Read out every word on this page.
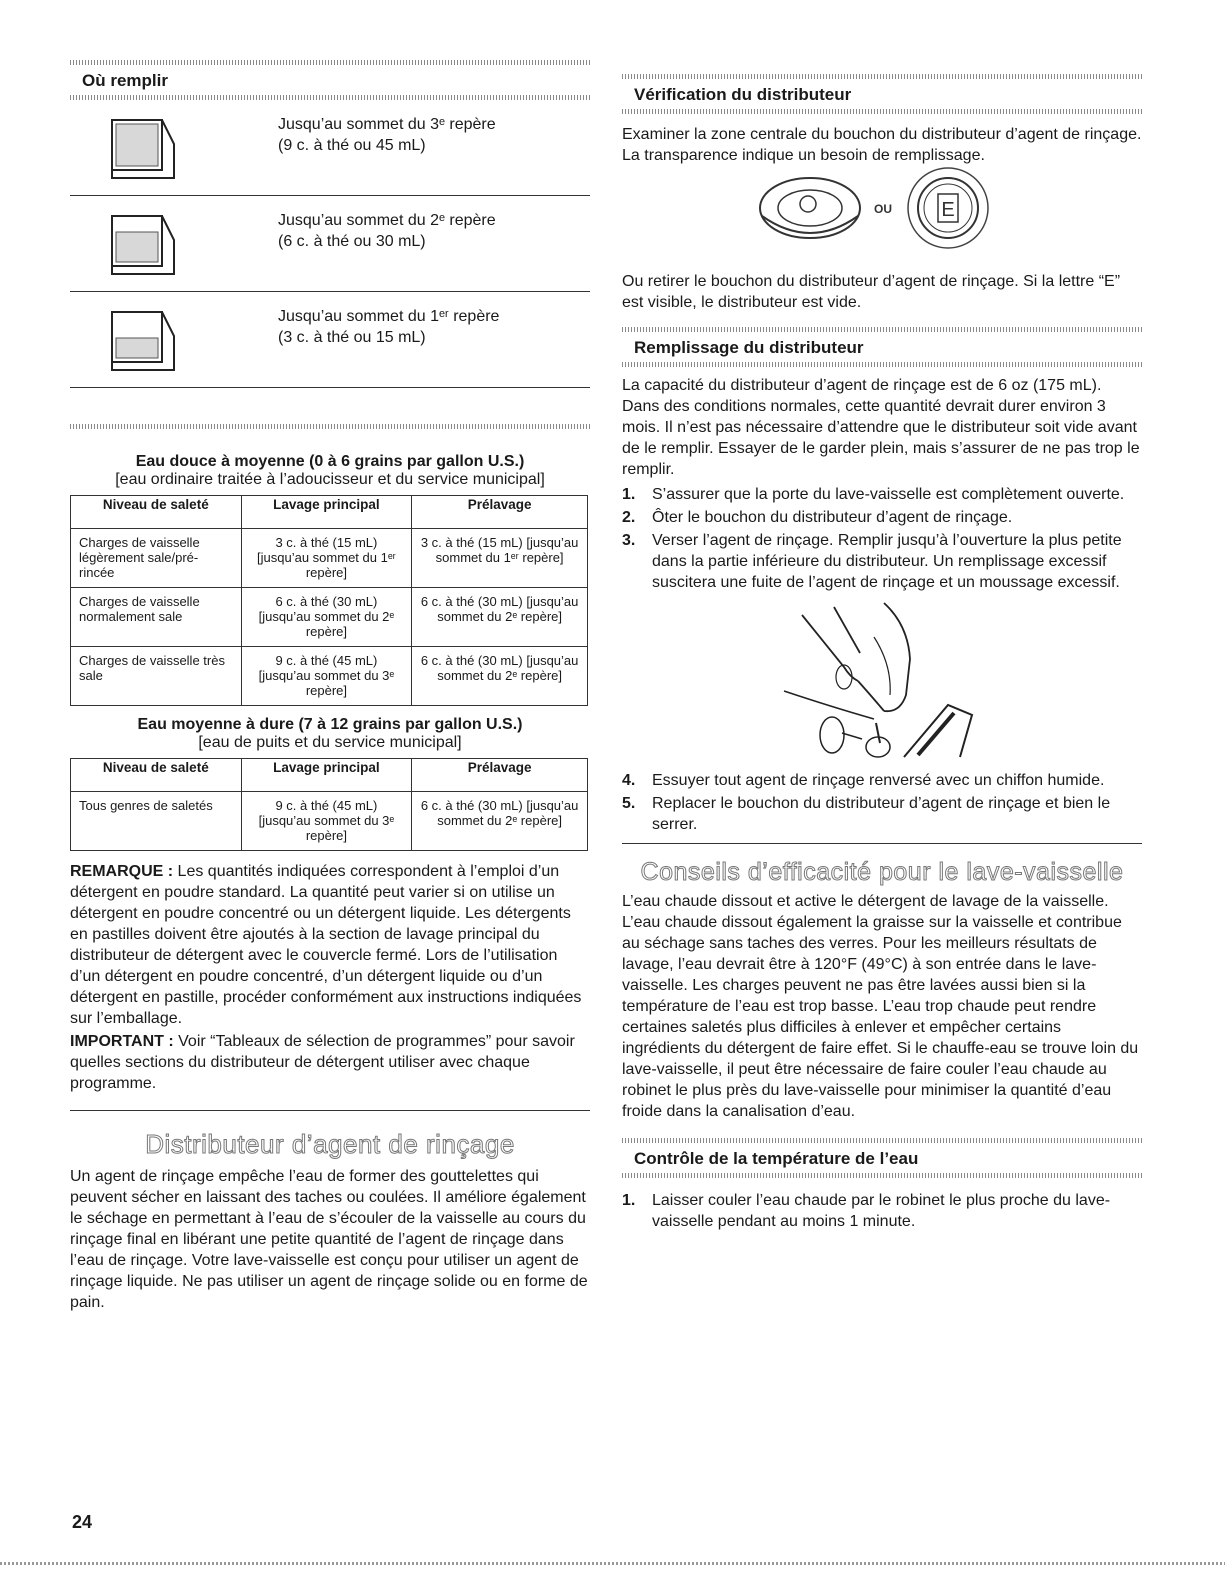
Où remplir
Jusqu’au sommet du 3ᵉ repère
(9 c. à thé ou 45 mL)
Jusqu’au sommet du 2ᵉ repère
(6 c. à thé ou 30 mL)
Jusqu’au sommet du 1ᵉʳ repère
(3 c. à thé ou 15 mL)
Eau douce à moyenne (0 à 6 grains par gallon U.S.)
[eau ordinaire traitée à l’adoucisseur et du service municipal]
Niveau de saleté	Lavage principal	Prélavage
Charges de vaisselle légèrement sale/pré-rincée	3 c. à thé (15 mL) [jusqu’au sommet du 1ᵉʳ repère]	3 c. à thé (15 mL) [jusqu’au sommet du 1ᵉʳ repère]
Charges de vaisselle normalement sale	6 c. à thé (30 mL) [jusqu’au sommet du 2ᵉ repère]	6 c. à thé (30 mL) [jusqu’au sommet du 2ᵉ repère]
Charges de vaisselle très sale	9 c. à thé (45 mL) [jusqu’au sommet du 3ᵉ repère]	6 c. à thé (30 mL) [jusqu’au sommet du 2ᵉ repère]
Eau moyenne à dure (7 à 12 grains par gallon U.S.)
[eau de puits et du service municipal]
Niveau de saleté	Lavage principal	Prélavage
Tous genres de saletés	9 c. à thé (45 mL) [jusqu’au sommet du 3ᵉ repère]	6 c. à thé (30 mL) [jusqu’au sommet du 2ᵉ repère]

REMARQUE : Les quantités indiquées correspondent à l’emploi d’un détergent en poudre standard. La quantité peut varier si on utilise un détergent en poudre concentré ou un détergent liquide. Les détergents en pastilles doivent être ajoutés à la section de lavage principal du distributeur de détergent avec le couvercle fermé. Lors de l’utilisation d’un détergent en poudre concentré, d’un détergent liquide ou d’un détergent en pastille, procéder conformément aux instructions indiquées sur l’emballage.

IMPORTANT : Voir “Tableaux de sélection de programmes” pour savoir quelles sections du distributeur de détergent utiliser avec chaque programme.

Distributeur d’agent de rinçage

Un agent de rinçage empêche l’eau de former des gouttelettes qui peuvent sécher en laissant des taches ou coulées. Il améliore également le séchage en permettant à l’eau de s’écouler de la vaisselle au cours du rinçage final en libérant une petite quantité de l’agent de rinçage dans l’eau de rinçage. Votre lave-vaisselle est conçu pour utiliser un agent de rinçage liquide. Ne pas utiliser un agent de rinçage solide ou en forme de pain.

Vérification du distributeur

Examiner la zone centrale du bouchon du distributeur d’agent de rinçage. La transparence indique un besoin de remplissage.

OU E

Ou retirer le bouchon du distributeur d’agent de rinçage. Si la lettre “E” est visible, le distributeur est vide.

Remplissage du distributeur

La capacité du distributeur d’agent de rinçage est de 6 oz (175 mL). Dans des conditions normales, cette quantité devrait durer environ 3 mois. Il n’est pas nécessaire d’attendre que le distributeur soit vide avant de le remplir. Essayer de le garder plein, mais s’assurer de ne pas trop le remplir.

1.	S’assurer que la porte du lave-vaisselle est complètement ouverte.
2.	Ôter le bouchon du distributeur d’agent de rinçage.
3.	Verser l’agent de rinçage. Remplir jusqu’à l’ouverture la plus petite dans la partie inférieure du distributeur. Un remplissage excessif suscitera une fuite de l’agent de rinçage et un moussage excessif.
4.	Essuyer tout agent de rinçage renversé avec un chiffon humide.
5.	Replacer le bouchon du distributeur d’agent de rinçage et bien le serrer.
Conseils d’efficacité pour le lave-vaisselle

L’eau chaude dissout et active le détergent de lavage de la vaisselle. L’eau chaude dissout également la graisse sur la vaisselle et contribue au séchage sans taches des verres. Pour les meilleurs résultats de lavage, l’eau devrait être à 120°F (49°C) à son entrée dans le lave-vaisselle. Les charges peuvent ne pas être lavées aussi bien si la température de l’eau est trop basse. L’eau trop chaude peut rendre certaines saletés plus difficiles à enlever et empêcher certains ingrédients du détergent de faire effet. Si le chauffe-eau se trouve loin du lave-vaisselle, il peut être nécessaire de faire couler l’eau chaude au robinet le plus près du lave-vaisselle pour minimiser la quantité d’eau froide dans la canalisation d’eau.

Contrôle de la température de l’eau
1.	Laisser couler l’eau chaude par le robinet le plus proche du lave-vaisselle pendant au moins 1 minute.
24
